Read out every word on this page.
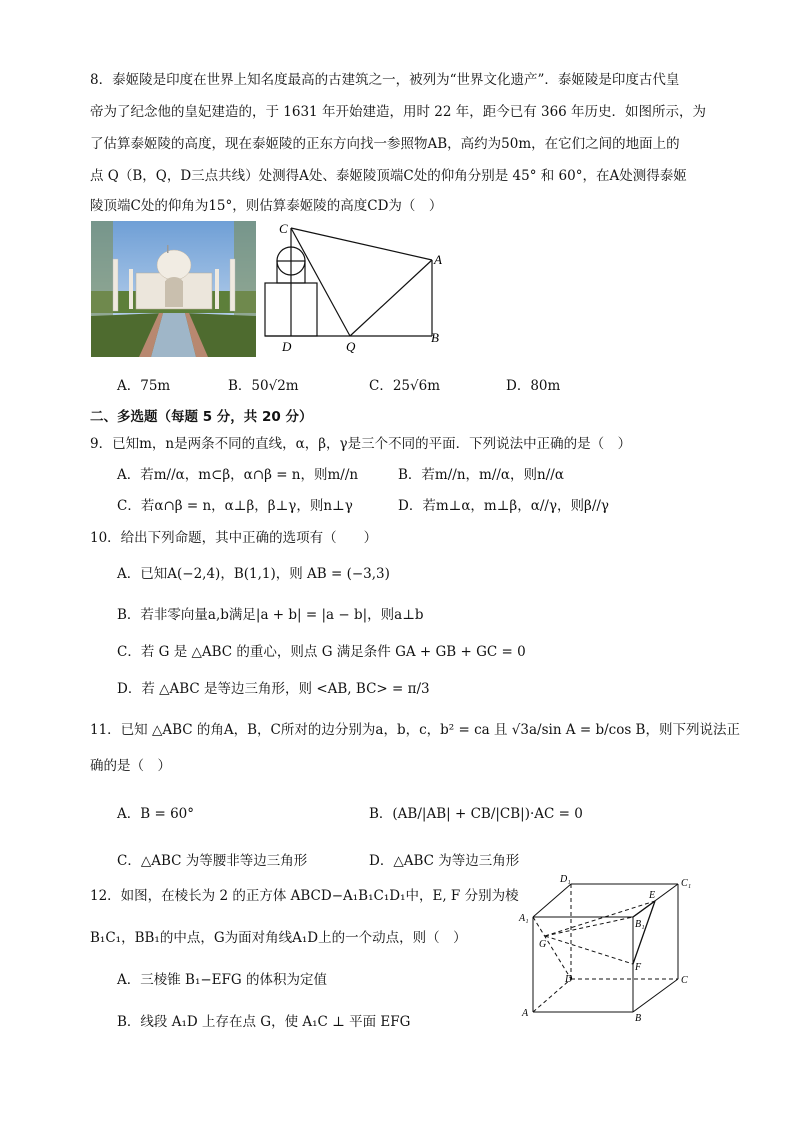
8．泰姬陵是印度在世界上知名度最高的古建筑之一，被列为“世界文化遗产”．泰姬陵是印度古代皇
帝为了纪念他的皇妃建造的，于 1631 年开始建造，用时 22 年，距今已有 366 年历史．如图所示，为
了估算泰姬陵的高度，现在泰姬陵的正东方向找一参照物AB，高约为50m，在它们之间的地面上的
点 Q（B，Q，D三点共线）处测得A处、泰姬陵顶端C处的仰角分别是 45° 和 60°，在A处测得泰姬
陵顶端C处的仰角为15°，则估算泰姬陵的高度CD为（　）
C
A
B
D	Q
A．75m	B．50√2m	C．25√6m	D．80m
二、多选题（每题 5 分，共 20 分）
9．已知m，n是两条不同的直线，α，β，γ是三个不同的平面．下列说法中正确的是（　）
A．若m//α，m⊂β，α∩β = n，则m//n	B．若m//n，m//α，则n//α
C．若α∩β = n，α⊥β，β⊥γ，则n⊥γ	D．若m⊥α，m⊥β，α//γ，则β//γ
10．给出下列命题，其中正确的选项有（　　）
A．已知A(−2,4)，B(1,1)，则 AB = (−3,3)
B．若非零向量a,b满足|a + b| = |a − b|，则a⊥b
C．若 G 是 △ABC 的重心，则点 G 满足条件 GA + GB + GC = 0
D．若 △ABC 是等边三角形，则 <AB, BC> = π/3
11．已知 △ABC 的角A，B，C所对的边分别为a，b，c，b² = ca 且 √3a/sin A = b/cos B，则下列说法正
确的是（　）
A．B = 60°	B．(AB/|AB| + CB/|CB|)·AC = 0
C．△ABC 为等腰非等边三角形	D．△ABC 为等边三角形
12．如图，在棱长为 2 的正方体 ABCD−A₁B₁C₁D₁中，E, F 分别为棱
B₁C₁，BB₁的中点，G为面对角线A₁D上的一个动点，则（　）
A．三棱锥 B₁−EFG 的体积为定值
B．线段 A₁D 上存在点 G，使 A₁C ⊥ 平面 EFG
D₁	C₁
A₁
B₁
E
G
D
F
C
A	B
